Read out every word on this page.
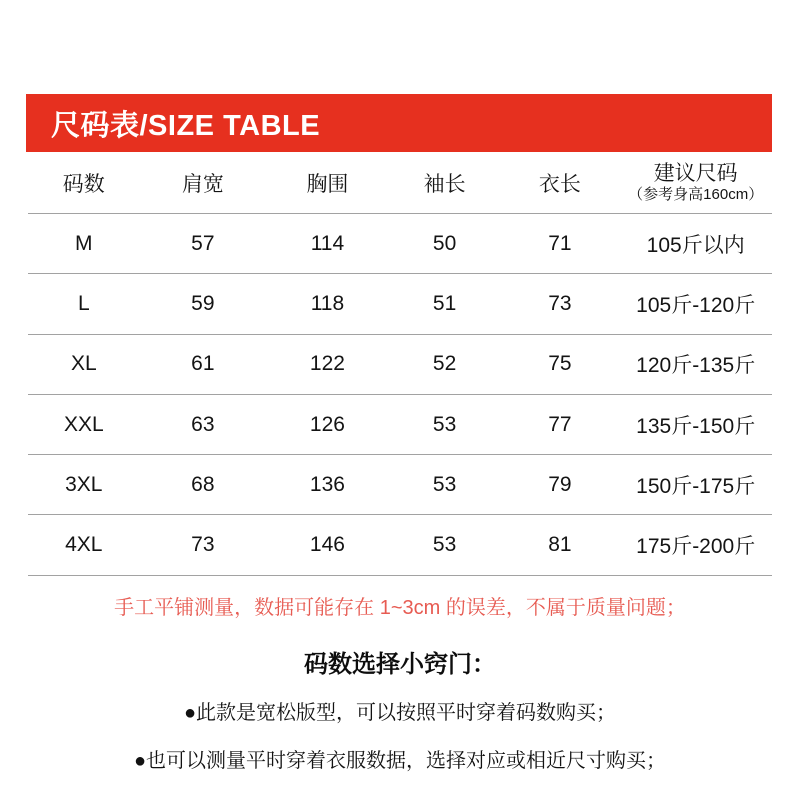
尺码表/SIZE TABLE
码数	肩宽	胸围	袖长	衣长	建议尺码
（参考身高160cm）
M	57	114	50	71	105斤以内
L	59	118	51	73	105斤-120斤
XL	61	122	52	75	120斤-135斤
XXL	63	126	53	77	135斤-150斤
3XL	68	136	53	79	150斤-175斤
4XL	73	146	53	81	175斤-200斤
手工平铺测量，数据可能存在 1~3cm 的误差，不属于质量问题；
码数选择小窍门：
●此款是宽松版型，可以按照平时穿着码数购买；
●也可以测量平时穿着衣服数据，选择对应或相近尺寸购买；
